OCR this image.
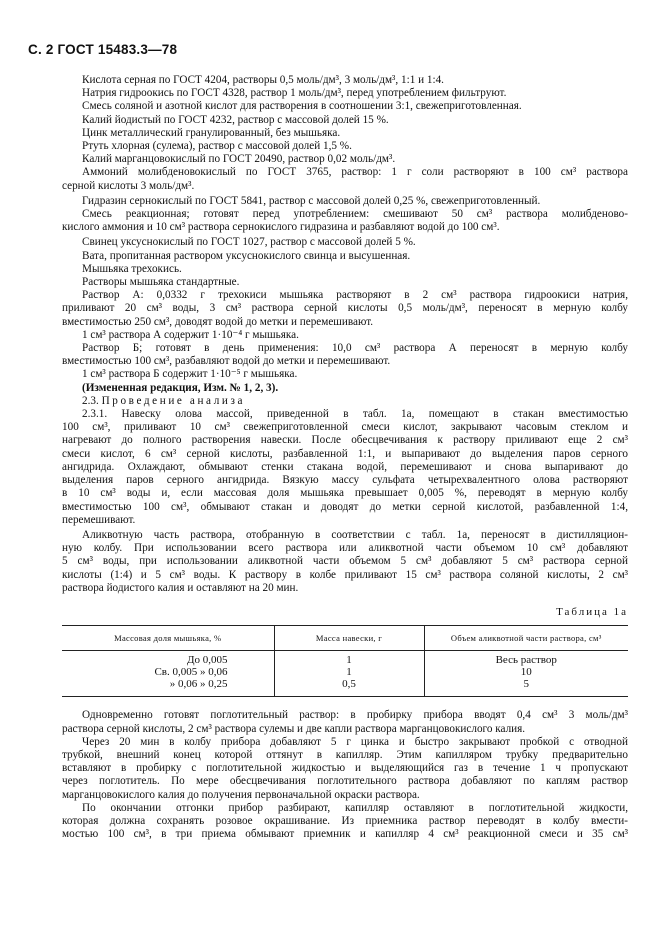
С. 2 ГОСТ 15483.3—78
Кислота серная по ГОСТ 4204, растворы 0,5 моль/дм³, 3 моль/дм³, 1:1 и 1:4.
Натрия гидроокись по ГОСТ 4328, раствор 1 моль/дм³, перед употреблением фильтруют.
Смесь соляной и азотной кислот для растворения в соотношении 3:1, свежеприготовленная.
Калий йодистый по ГОСТ 4232, раствор с массовой долей 15 %.
Цинк металлический гранулированный, без мышьяка.
Ртуть хлорная (сулема), раствор с массовой долей 1,5 %.
Калий марганцовокислый по ГОСТ 20490, раствор 0,02 моль/дм³.
Аммоний молибденовокислый по ГОСТ 3765, раствор: 1 г соли растворяют в 100 см³ раствора
серной кислоты 3 моль/дм³.
Гидразин сернокислый по ГОСТ 5841, раствор с массовой долей 0,25 %, свежеприготовленный.
Смесь реакционная; готовят перед употреблением: смешивают 50 см³ раствора молибденово-
кислого аммония и 10 см³ раствора сернокислого гидразина и разбавляют водой до 100 см³.
Свинец уксуснокислый по ГОСТ 1027, раствор с массовой долей 5 %.
Вата, пропитанная раствором уксуснокислого свинца и высушенная.
Мышьяка трехокись.
Растворы мышьяка стандартные.
Раствор А: 0,0332 г трехокиси мышьяка растворяют в 2 см³ раствора гидроокиси натрия,
приливают 20 см³ воды, 3 см³ раствора серной кислоты 0,5 моль/дм³, переносят в мерную колбу
вместимостью 250 см³, доводят водой до метки и перемешивают.
1 см³ раствора А содержит 1·10⁻⁴ г мышьяка.
Раствор Б; готовят в день применения: 10,0 см³ раствора А переносят в мерную колбу
вместимостью 100 см³, разбавляют водой до метки и перемешивают.
1 см³ раствора Б содержит 1·10⁻⁵ г мышьяка.
(Измененная редакция, Изм. № 1, 2, 3).
2.3. Проведение анализа
2.3.1. Навеску олова массой, приведенной в табл. 1а, помещают в стакан вместимостью
100 см³, приливают 10 см³ свежеприготовленной смеси кислот, закрывают часовым стеклом и
нагревают до полного растворения навески. После обесцвечивания к раствору приливают еще 2 см³
смеси кислот, 6 см³ серной кислоты, разбавленной 1:1, и выпаривают до выделения паров серного
ангидрида. Охлаждают, обмывают стенки стакана водой, перемешивают и снова выпаривают до
выделения паров серного ангидрида. Вязкую массу сульфата четырехвалентного олова растворяют
в 10 см³ воды и, если массовая доля мышьяка превышает 0,005 %, переводят в мерную колбу
вместимостью 100 см³, обмывают стакан и доводят до метки серной кислотой, разбавленной 1:4,
перемешивают.
Аликвотную часть раствора, отобранную в соответствии с табл. 1а, переносят в дистилляцион-
ную колбу. При использовании всего раствора или аликвотной части объемом 10 см³ добавляют
5 см³ воды, при использовании аликвотной части объемом 5 см³ добавляют 5 см³ раствора серной
кислоты (1:4) и 5 см³ воды. К раствору в колбе приливают 15 см³ раствора соляной кислоты, 2 см³
раствора йодистого калия и оставляют на 20 мин.
Таблица 1а
Массовая доля мышьяка, %	Масса навески, г	Объем аликвотной части раствора, см³
До 0,005	1	Весь раствор
Св. 0,005 » 0,06	1	10
» 0,06 » 0,25	0,5	5
Одновременно готовят поглотительный раствор: в пробирку прибора вводят 0,4 см³ 3 моль/дм³
раствора серной кислоты, 2 см³ раствора сулемы и две капли раствора марганцовокислого калия.
Через 20 мин в колбу прибора добавляют 5 г цинка и быстро закрывают пробкой с отводной
трубкой, внешний конец которой оттянут в капилляр. Этим капилляром трубку предварительно
вставляют в пробирку с поглотительной жидкостью и выделяющийся газ в течение 1 ч пропускают
через поглотитель. По мере обесцвечивания поглотительного раствора добавляют по каплям раствор
марганцовокислого калия до получения первоначальной окраски раствора.
По окончании отгонки прибор разбирают, капилляр оставляют в поглотительной жидкости,
которая должна сохранять розовое окрашивание. Из приемника раствор переводят в колбу вмести-
мостью 100 см³, в три приема обмывают приемник и капилляр 4 см³ реакционной смеси и 35 см³
